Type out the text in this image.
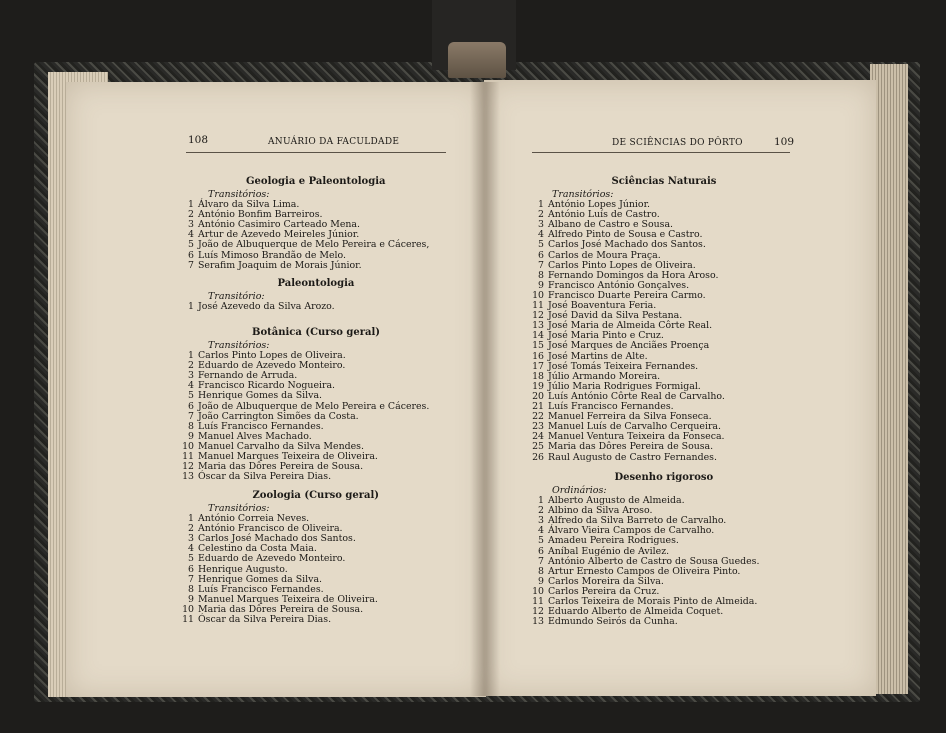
108	ANUÁRIO DA FACULDADE
Geologia e Paleontologia
Transitórios:
1 Álvaro da Silva Lima.
2 António Bonfim Barreiros.
3 António Casimiro Carteado Mena.
4 Artur de Azevedo Meireles Júnior.
5 João de Albuquerque de Melo Pereira e Cáceres,
6 Luís Mimoso Brandão de Melo.
7 Serafim Joaquim de Morais Júnior.
Paleontologia
Transitório:
1 José Azevedo da Silva Arozo.
Botânica (Curso geral)
Transitórios:
1 Carlos Pinto Lopes de Oliveira.
2 Eduardo de Azevedo Monteiro.
3 Fernando de Arruda.
4 Francisco Ricardo Nogueira.
5 Henrique Gomes da Silva.
6 João de Albuquerque de Melo Pereira e Cáceres.
7 João Carrington Simões da Costa.
8 Luís Francisco Fernandes.
9 Manuel Alves Machado.
10 Manuel Carvalho da Silva Mendes.
11 Manuel Marques Teixeira de Oliveira.
12 Maria das Dôres Pereira de Sousa.
13 Óscar da Silva Pereira Dias.
Zoologia (Curso geral)
Transitórios:
1 António Correia Neves.
2 António Francisco de Oliveira.
3 Carlos José Machado dos Santos.
4 Celestino da Costa Maia.
5 Eduardo de Azevedo Monteiro.
6 Henrique Augusto.
7 Henrique Gomes da Silva.
8 Luís Francisco Fernandes.
9 Manuel Marques Teixeira de Oliveira.
10 Maria das Dôres Pereira de Sousa.
11 Óscar da Silva Pereira Dias.
DE SCIÊNCIAS DO PÔRTO	109
Sciências Naturais
Transitórios:
1 António Lopes Júnior.
2 António Luís de Castro.
3 Albano de Castro e Sousa.
4 Alfredo Pinto de Sousa e Castro.
5 Carlos José Machado dos Santos.
6 Carlos de Moura Praça.
7 Carlos Pinto Lopes de Oliveira.
8 Fernando Domingos da Hora Aroso.
9 Francisco António Gonçalves.
10 Francisco Duarte Pereira Carmo.
11 José Boaventura Feria.
12 José David da Silva Pestana.
13 José Maria de Almeida Côrte Real.
14 José Maria Pinto e Cruz.
15 José Marques de Anciães Proença
16 José Martins de Alte.
17 José Tomás Teixeira Fernandes.
18 Júlio Armando Moreira.
19 Júlio Maria Rodrigues Formigal.
20 Luís António Côrte Real de Carvalho.
21 Luís Francisco Fernandes.
22 Manuel Ferreira da Silva Fonseca.
23 Manuel Luís de Carvalho Cerqueira.
24 Manuel Ventura Teixeira da Fonseca.
25 Maria das Dôres Pereira de Sousa.
26 Raul Augusto de Castro Fernandes.
Desenho rigoroso
Ordinários:
1 Alberto Augusto de Almeida.
2 Albino da Silva Aroso.
3 Alfredo da Silva Barreto de Carvalho.
4 Álvaro Vieira Campos de Carvalho.
5 Amadeu Pereira Rodrigues.
6 Aníbal Eugénio de Avilez.
7 António Alberto de Castro de Sousa Guedes.
8 Artur Ernesto Campos de Oliveira Pinto.
9 Carlos Moreira da Silva.
10 Carlos Pereira da Cruz.
11 Carlos Teixeira de Morais Pinto de Almeida.
12 Eduardo Alberto de Almeida Coquet.
13 Edmundo Seirós da Cunha.
